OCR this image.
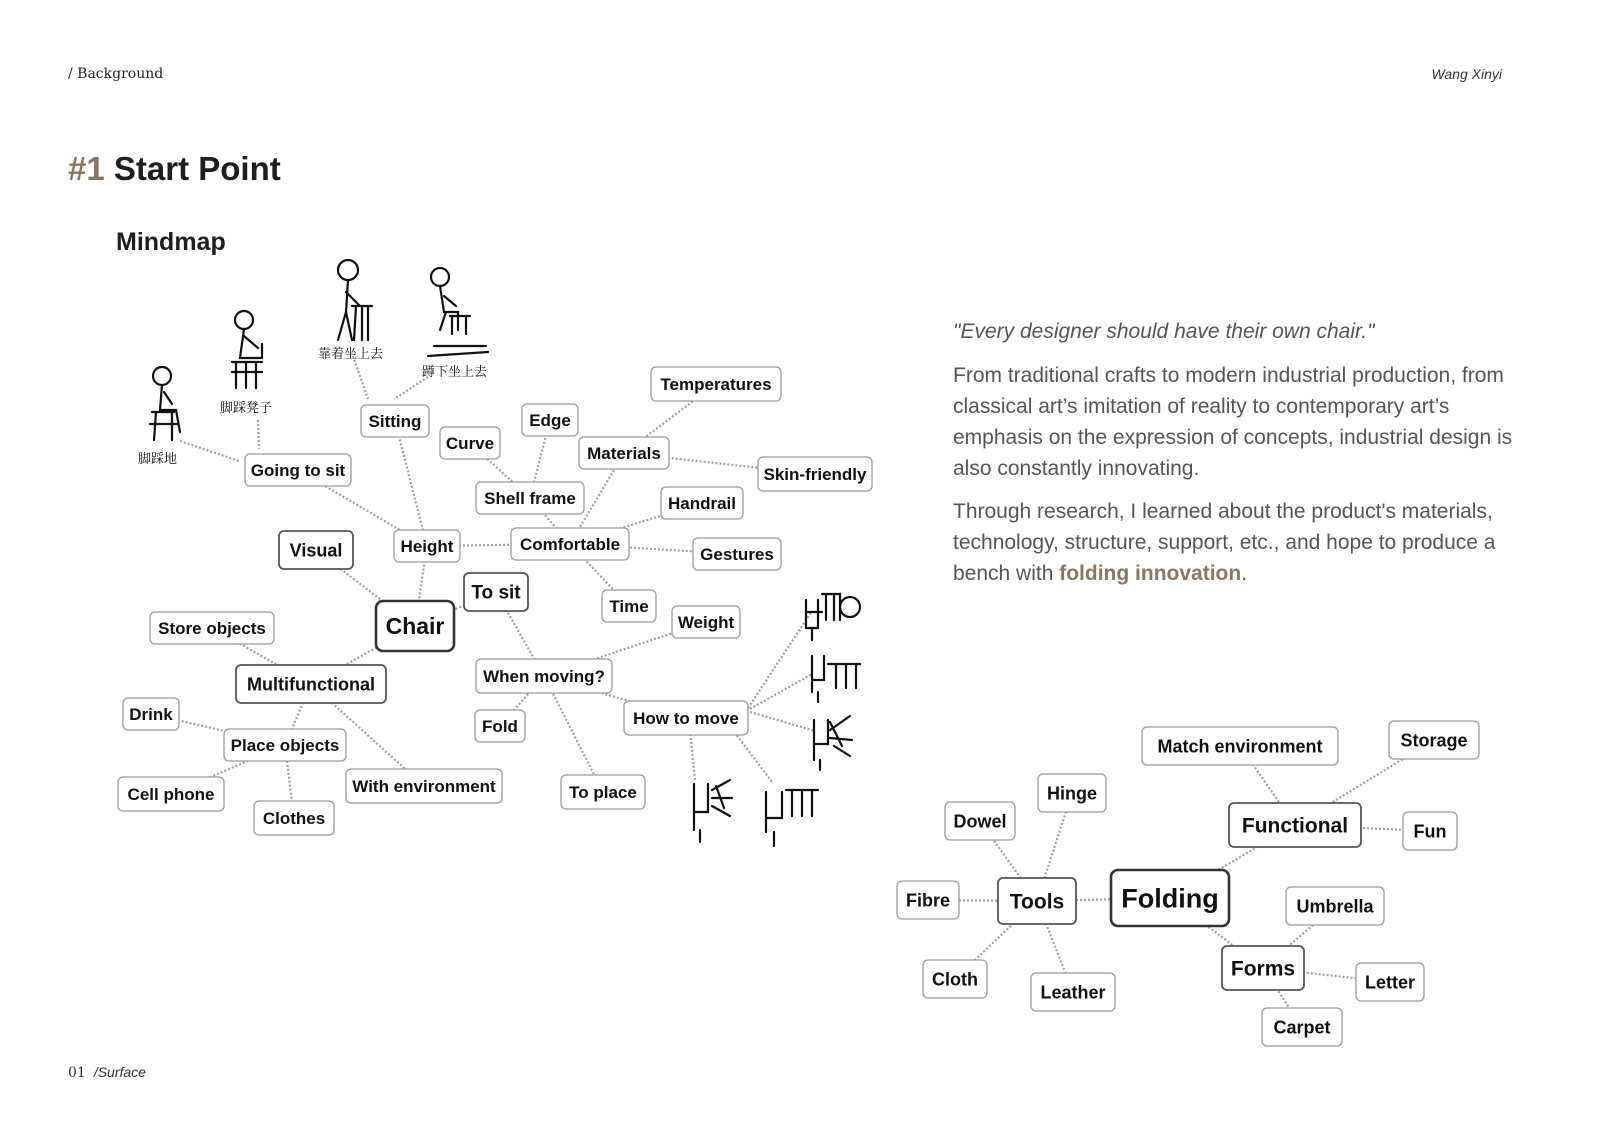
/ Background	Wang Xinyi
#1 Start Point
Mindmap
"Every designer should have their own chair."

From traditional crafts to modern industrial production, from classical art’s imitation of reality to contemporary art’s emphasis on the expression of concepts, industrial design is also constantly innovating.

Through research, I learned about the product's materials, technology, structure, support, etc., and hope to produce a bench with folding innovation.

脚踩地
脚踩凳子
靠着坐上去
蹲下坐上去
Chair
Visual	Height
Going to sit
Sitting
Curve
Edge
Materials
Temperatures
Skin-friendly
Shell frame	Handrail
Comfortable
Gestures
To sit
Time
Weight
Store objects
Multifunctional
Drink
Place objects
Cell phone
Clothes
With environment
When moving?
Fold
To place
How to move
Folding
Tools
Functional
Forms
Dowel
Hinge
Fibre
Cloth
Leather
Match environment	Storage
Fun
Umbrella
Letter
Carpet
01 /Surface
